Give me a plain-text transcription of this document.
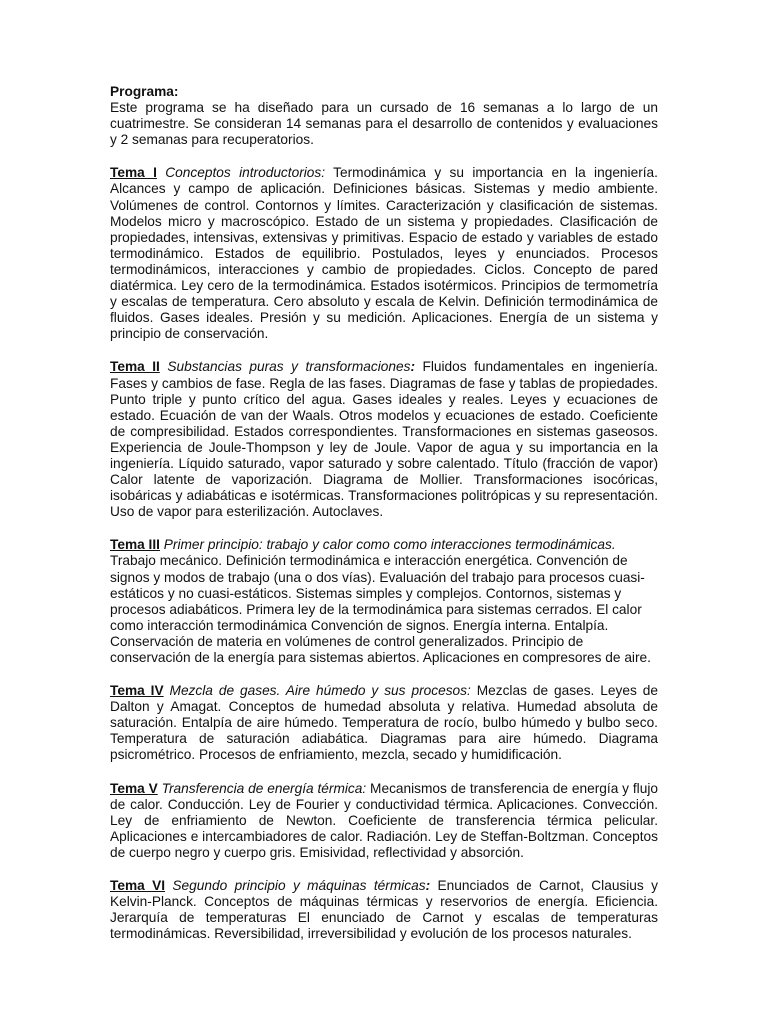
Programa:

Este programa se ha diseñado para un cursado de 16 semanas a lo largo de un cuatrimestre. Se consideran 14 semanas para el desarrollo de contenidos y evaluaciones y 2 semanas para recuperatorios.

Tema I Conceptos introductorios: Termodinámica y su importancia en la ingeniería. Alcances y campo de aplicación. Definiciones básicas. Sistemas y medio ambiente. Volúmenes de control. Contornos y límites. Caracterización y clasificación de sistemas. Modelos micro y macroscópico. Estado de un sistema y propiedades. Clasificación de propiedades, intensivas, extensivas y primitivas. Espacio de estado y variables de estado termodinámico. Estados de equilibrio. Postulados, leyes y enunciados. Procesos termodinámicos, interacciones y cambio de propiedades. Ciclos. Concepto de pared diatérmica. Ley cero de la termodinámica. Estados isotérmicos. Principios de termometría y escalas de temperatura. Cero absoluto y escala de Kelvin. Definición termodinámica de fluidos. Gases ideales. Presión y su medición. Aplicaciones. Energía de un sistema y principio de conservación.

Tema II Substancias puras y transformaciones: Fluidos fundamentales en ingeniería. Fases y cambios de fase. Regla de las fases. Diagramas de fase y tablas de propiedades. Punto triple y punto crítico del agua. Gases ideales y reales. Leyes y ecuaciones de estado. Ecuación de van der Waals. Otros modelos y ecuaciones de estado. Coeficiente de compresibilidad. Estados correspondientes. Transformaciones en sistemas gaseosos. Experiencia de Joule-Thompson y ley de Joule. Vapor de agua y su importancia en la ingeniería. Líquido saturado, vapor saturado y sobre calentado. Título (fracción de vapor) Calor latente de vaporización. Diagrama de Mollier. Transformaciones isocóricas, isobáricas y adiabáticas e isotérmicas. Transformaciones politrópicas y su representación. Uso de vapor para esterilización. Autoclaves.

Tema III Primer principio: trabajo y calor como como interacciones termodinámicas. Trabajo mecánico. Definición termodinámica e interacción energética. Convención de signos y modos de trabajo (una o dos vías). Evaluación del trabajo para procesos cuasi-estáticos y no cuasi-estáticos. Sistemas simples y complejos. Contornos, sistemas y procesos adiabáticos. Primera ley de la termodinámica para sistemas cerrados. El calor como interacción termodinámica Convención de signos. Energía interna. Entalpía. Conservación de materia en volúmenes de control generalizados. Principio de conservación de la energía para sistemas abiertos. Aplicaciones en compresores de aire.

Tema IV Mezcla de gases. Aire húmedo y sus procesos: Mezclas de gases. Leyes de Dalton y Amagat. Conceptos de humedad absoluta y relativa. Humedad absoluta de saturación. Entalpía de aire húmedo. Temperatura de rocío, bulbo húmedo y bulbo seco. Temperatura de saturación adiabática. Diagramas para aire húmedo. Diagrama psicrométrico. Procesos de enfriamiento, mezcla, secado y humidificación.

Tema V Transferencia de energía térmica: Mecanismos de transferencia de energía y flujo de calor. Conducción. Ley de Fourier y conductividad térmica. Aplicaciones. Convección. Ley de enfriamiento de Newton. Coeficiente de transferencia térmica pelicular. Aplicaciones e intercambiadores de calor. Radiación. Ley de Steffan-Boltzman. Conceptos de cuerpo negro y cuerpo gris. Emisividad, reflectividad y absorción.

Tema VI Segundo principio y máquinas térmicas: Enunciados de Carnot, Clausius y Kelvin-Planck. Conceptos de máquinas térmicas y reservorios de energía. Eficiencia. Jerarquía de temperaturas El enunciado de Carnot y escalas de temperaturas termodinámicas. Reversibilidad, irreversibilidad y evolución de los procesos naturales.
